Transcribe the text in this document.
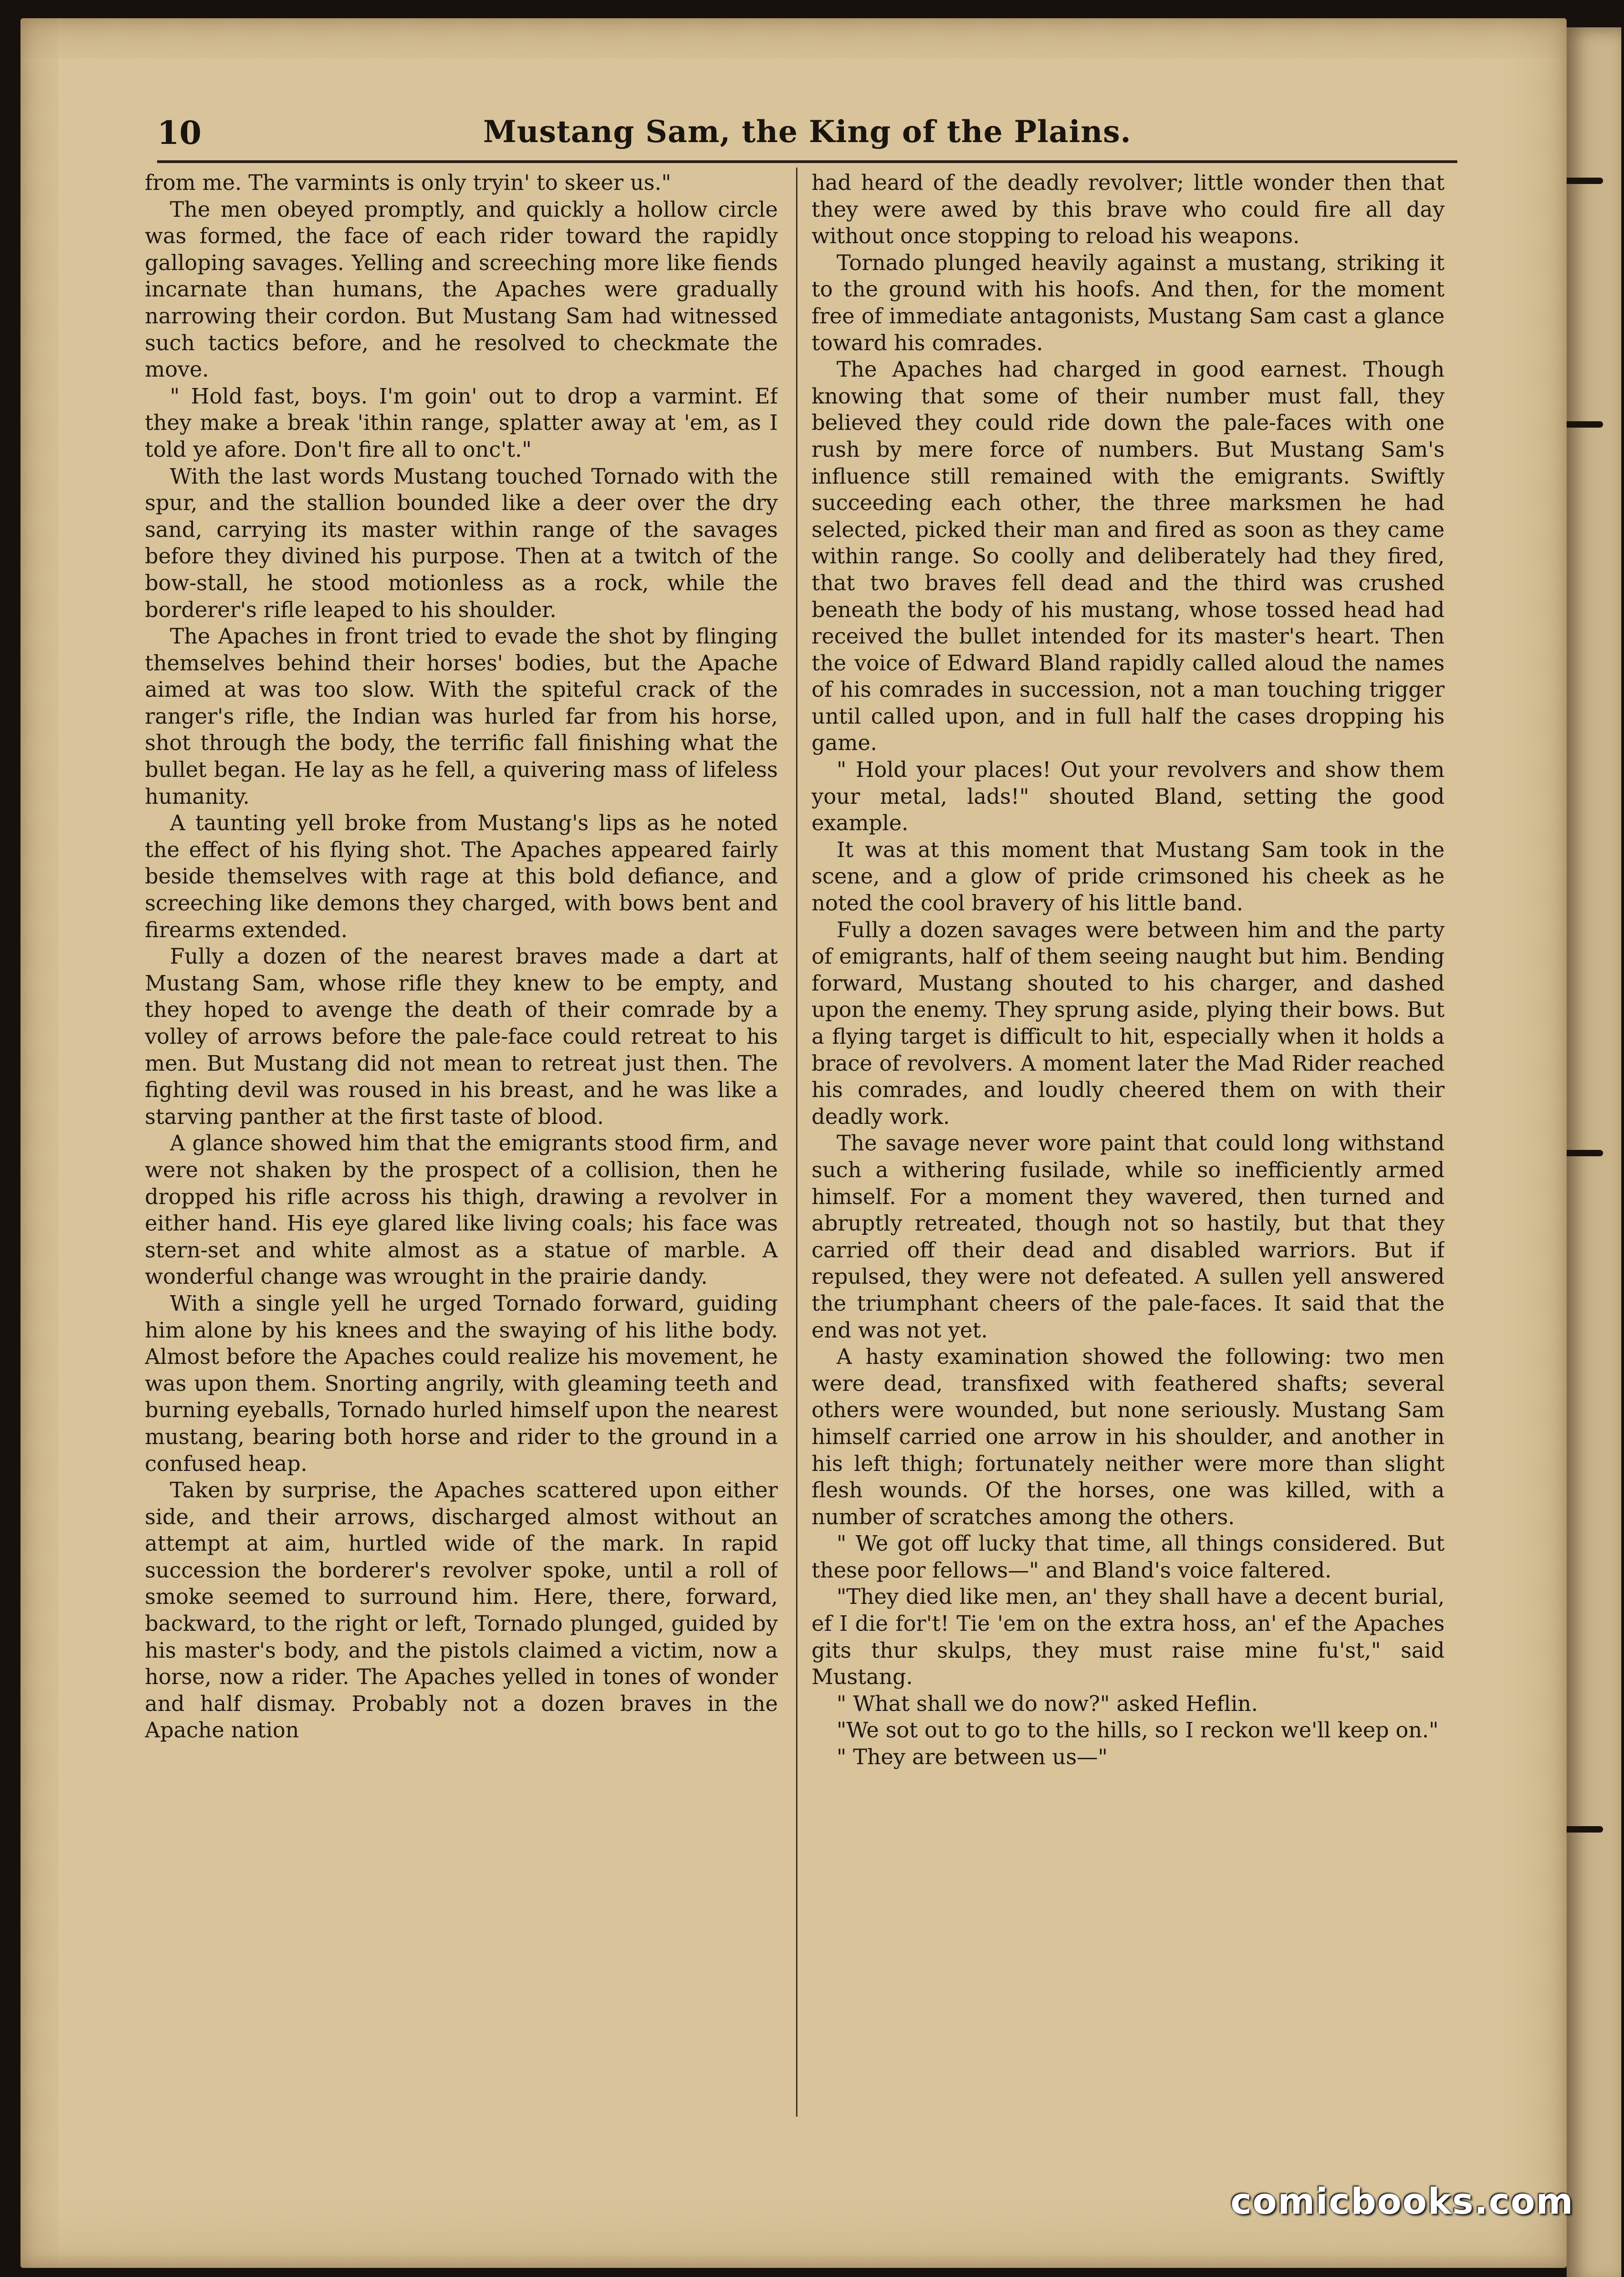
10	Mustang Sam, the King of the Plains.

from me. The varmints is only tryin' to skeer us."

The men obeyed promptly, and quickly a hollow circle was formed, the face of each rider toward the rapidly galloping savages. Yelling and screeching more like fiends incarnate than humans, the Apaches were gradually narrowing their cordon. But Mustang Sam had witnessed such tactics before, and he resolved to checkmate the move.

" Hold fast, boys. I'm goin' out to drop a varmint. Ef they make a break 'ithin range, splatter away at 'em, as I told ye afore. Don't fire all to onc't."

With the last words Mustang touched Tornado with the spur, and the stallion bounded like a deer over the dry sand, carrying its master within range of the savages before they divined his purpose. Then at a twitch of the bow-stall, he stood motionless as a rock, while the borderer's rifle leaped to his shoulder.

The Apaches in front tried to evade the shot by flinging themselves behind their horses' bodies, but the Apache aimed at was too slow. With the spiteful crack of the ranger's rifle, the Indian was hurled far from his horse, shot through the body, the terrific fall finishing what the bullet began. He lay as he fell, a quivering mass of lifeless humanity.

A taunting yell broke from Mustang's lips as he noted the effect of his flying shot. The Apaches appeared fairly beside themselves with rage at this bold defiance, and screeching like demons they charged, with bows bent and firearms extended.

Fully a dozen of the nearest braves made a dart at Mustang Sam, whose rifle they knew to be empty, and they hoped to avenge the death of their comrade by a volley of arrows before the pale-face could retreat to his men. But Mustang did not mean to retreat just then. The fighting devil was roused in his breast, and he was like a starving panther at the first taste of blood.

A glance showed him that the emigrants stood firm, and were not shaken by the prospect of a collision, then he dropped his rifle across his thigh, drawing a revolver in either hand. His eye glared like living coals; his face was stern-set and white almost as a statue of marble. A wonderful change was wrought in the prairie dandy.

With a single yell he urged Tornado forward, guiding him alone by his knees and the swaying of his lithe body. Almost before the Apaches could realize his movement, he was upon them. Snorting angrily, with gleaming teeth and burning eyeballs, Tornado hurled himself upon the nearest mustang, bearing both horse and rider to the ground in a confused heap.

Taken by surprise, the Apaches scattered upon either side, and their arrows, discharged almost without an attempt at aim, hurtled wide of the mark. In rapid succession the borderer's revolver spoke, until a roll of smoke seemed to surround him. Here, there, forward, backward, to the right or left, Tornado plunged, guided by his master's body, and the pistols claimed a victim, now a horse, now a rider. The Apaches yelled in tones of wonder and half dismay. Probably not a dozen braves in the Apache nation

had heard of the deadly revolver; little wonder then that they were awed by this brave who could fire all day without once stopping to reload his weapons.

Tornado plunged heavily against a mustang, striking it to the ground with his hoofs. And then, for the moment free of immediate antagonists, Mustang Sam cast a glance toward his comrades.

The Apaches had charged in good earnest. Though knowing that some of their number must fall, they believed they could ride down the pale-faces with one rush by mere force of numbers. But Mustang Sam's influence still remained with the emigrants. Swiftly succeeding each other, the three marksmen he had selected, picked their man and fired as soon as they came within range. So coolly and deliberately had they fired, that two braves fell dead and the third was crushed beneath the body of his mustang, whose tossed head had received the bullet intended for its master's heart. Then the voice of Edward Bland rapidly called aloud the names of his comrades in succession, not a man touching trigger until called upon, and in full half the cases dropping his game.

" Hold your places! Out your revolvers and show them your metal, lads!" shouted Bland, setting the good example.

It was at this moment that Mustang Sam took in the scene, and a glow of pride crimsoned his cheek as he noted the cool bravery of his little band.

Fully a dozen savages were between him and the party of emigrants, half of them seeing naught but him. Bending forward, Mustang shouted to his charger, and dashed upon the enemy. They sprung aside, plying their bows. But a flying target is difficult to hit, especially when it holds a brace of revolvers. A moment later the Mad Rider reached his comrades, and loudly cheered them on with their deadly work.

The savage never wore paint that could long withstand such a withering fusilade, while so inefficiently armed himself. For a moment they wavered, then turned and abruptly retreated, though not so hastily, but that they carried off their dead and disabled warriors. But if repulsed, they were not defeated. A sullen yell answered the triumphant cheers of the pale-faces. It said that the end was not yet.

A hasty examination showed the following: two men were dead, transfixed with feathered shafts; several others were wounded, but none seriously. Mustang Sam himself carried one arrow in his shoulder, and another in his left thigh; fortunately neither were more than slight flesh wounds. Of the horses, one was killed, with a number of scratches among the others.

" We got off lucky that time, all things considered. But these poor fellows—" and Bland's voice faltered.

"They died like men, an' they shall have a decent burial, ef I die for't! Tie 'em on the extra hoss, an' ef the Apaches gits thur skulps, they must raise mine fu'st," said Mustang.

" What shall we do now?" asked Heflin.

"We sot out to go to the hills, so I reckon we'll keep on."

" They are between us—"

comicbooks.com
